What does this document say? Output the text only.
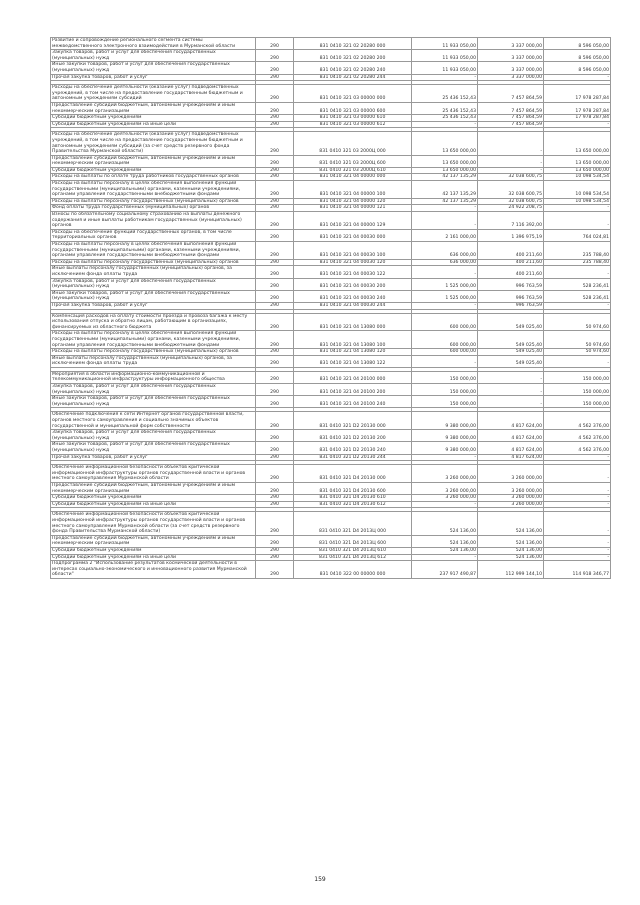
Развитие и сопровождение регионального сегмента системы межведомственного электронного взаимодействия в Мурманской области	290	831 0410 321 02 20280 000	11 933 050,00	3 337 000,00	8 596 050,00
Закупка товаров, работ и услуг для обеспечения государственных (муниципальных) нужд	290	831 0410 321 02 20280 200	11 933 050,00	3 337 000,00	8 596 050,00
Иные закупки товаров, работ и услуг для обеспечения государственных (муниципальных) нужд	290	831 0410 321 02 20280 240	11 933 050,00	3 337 000,00	8 596 050,00
Прочая закупка товаров, работ и услуг	290	831 0410 321 02 20280 244	-	3 337 000,00	-

Расходы на обеспечение деятельности (оказание услуг) подведомственных учреждений, в том числе на предоставление государственным бюджетным и автономным учреждениям субсидий	290	831 0410 321 03 00000 000	25 436 152,43	7 457 864,59	17 978 287,84
Предоставление субсидий бюджетным, автономным учреждениям и иным некоммерческим организациям	290	831 0410 321 03 00000 600	25 436 152,43	7 457 864,59	17 978 287,84
Субсидии бюджетным учреждениям	290	831 0410 321 03 00000 610	25 436 152,43	7 457 864,59	17 978 287,84
Субсидии бюджетным учреждениям на иные цели	290	831 0410 321 03 00000 612	-	7 457 864,59	-

Расходы на обеспечение деятельности (оказание услуг) подведомственных учреждений, в том числе на предоставление государственным бюджетным и автономным учреждениям субсидий (за счет средств резервного фонда Правительства Мурманской области)	290	831 0410 321 03 2000Ц 000	13 650 000,00	-	13 650 000,00
Предоставление субсидий бюджетным, автономным учреждениям и иным некоммерческим организациям	290	831 0410 321 03 2000Ц 600	13 650 000,00	-	13 650 000,00
Субсидии бюджетным учреждениям	290	831 0410 321 03 2000Ц 610	13 650 000,00	-	13 650 000,00
Расходы на выплаты по оплате труда работников государственных органов	290	831 0410 321 04 00000 000	42 137 135,29	32 038 600,75	10 098 534,54
Расходы на выплаты персоналу в целях обеспечения выполнения функций государственными (муниципальными) органами, казенными учреждениями, органами управления государственными внебюджетными фондами	290	831 0410 321 04 00000 100	42 137 135,29	32 038 600,75	10 098 534,54
Расходы на выплаты персоналу государственных (муниципальных) органов	290	831 0410 321 04 00000 120	42 137 135,29	32 038 600,75	10 098 534,54
Фонд оплаты труда государственных (муниципальных) органов	290	831 0410 321 04 00000 121	-	24 922 208,75	-
Взносы по обязательному социальному страхованию на выплаты денежного содержания и иные выплаты работникам государственных (муниципальных) органов	290	831 0410 321 04 00000 129	-	7 116 392,00	-
Расходы на обеспечение функций государственных органов, в том числе территориальных органов	290	831 0410 321 04 00030 000	2 161 000,00	1 396 975,19	764 024,81
Расходы на выплаты персоналу в целях обеспечения выполнения функций государственными (муниципальными) органами, казенными учреждениями, органами управления государственными внебюджетными фондами	290	831 0410 321 04 00030 100	636 000,00	400 211,60	235 788,40
Расходы на выплаты персоналу государственных (муниципальных) органов	290	831 0410 321 04 00030 120	636 000,00	400 211,60	235 788,40
Иные выплаты персоналу государственных (муниципальных) органов, за исключением фонда оплаты труда	290	831 0410 321 04 00030 122	-	400 211,60	-
Закупка товаров, работ и услуг для обеспечения государственных (муниципальных) нужд	290	831 0410 321 04 00030 200	1 525 000,00	996 763,59	528 236,41
Иные закупки товаров, работ и услуг для обеспечения государственных (муниципальных) нужд	290	831 0410 321 04 00030 240	1 525 000,00	996 763,59	528 236,41
Прочая закупка товаров, работ и услуг	290	831 0410 321 04 00030 244	-	996 763,59	-

Компенсация расходов на оплату стоимости проезда и провоза багажа к месту использования отпуска и обратно лицам, работающим в организациях, финансируемых из областного бюджета	290	831 0410 321 04 13080 000	600 000,00	549 025,40	50 974,60
Расходы на выплаты персоналу в целях обеспечения выполнения функций государственными (муниципальными) органами, казенными учреждениями, органами управления государственными внебюджетными фондами	290	831 0410 321 04 13080 100	600 000,00	549 025,40	50 974,60
Расходы на выплаты персоналу государственных (муниципальных) органов	290	831 0410 321 04 13080 120	600 000,00	549 025,40	50 974,60
Иные выплаты персоналу государственных (муниципальных) органов, за исключением фонда оплаты труда	290	831 0410 321 04 13080 122	-	549 025,40	-

Мероприятия в области информационно-коммуникационной и телекоммуникационной инфраструктуры информационного общества	290	831 0410 321 04 20100 000	150 000,00	-	150 000,00
Закупка товаров, работ и услуг для обеспечения государственных (муниципальных) нужд	290	831 0410 321 04 20100 200	150 000,00	-	150 000,00
Иные закупки товаров, работ и услуг для обеспечения государственных (муниципальных) нужд	290	831 0410 321 04 20100 240	150 000,00	-	150 000,00

Обеспечение подключения к сети Интернет органов государственной власти, органов местного самоуправления и социально значимых объектов государственной и муниципальной форм собственности	290	831 0410 321 D2 20130 000	9 380 000,00	4 817 624,00	4 562 376,00
Закупка товаров, работ и услуг для обеспечения государственных (муниципальных) нужд	290	831 0410 321 D2 20130 200	9 380 000,00	4 817 624,00	4 562 376,00
Иные закупки товаров, работ и услуг для обеспечения государственных (муниципальных) нужд	290	831 0410 321 D2 20130 240	9 380 000,00	4 817 624,00	4 562 376,00
Прочая закупка товаров, работ и услуг	290	831 0410 321 D2 20130 244	-	4 817 624,00	-

Обеспечение информационной безопасности объектов критической информационной инфраструктуры органов государственной власти и органов местного самоуправления Мурманской области	290	831 0410 321 D4 20130 000	3 260 000,00	3 260 000,00	-
Предоставление субсидий бюджетным, автономным учреждениям и иным некоммерческим организациям	290	831 0410 321 D4 20130 600	3 260 000,00	3 260 000,00	-
Субсидии бюджетным учреждениям	290	831 0410 321 D4 20130 610	3 260 000,00	3 260 000,00	-
Субсидии бюджетным учреждениям на иные цели	290	831 0410 321 D4 20130 612	-	3 260 000,00	-

Обеспечение информационной безопасности объектов критической информационной инфраструктуры органов государственной власти и органов местного самоуправления Мурманской области (за счет средств резервного фонда Правительства Мурманской области)	290	831 0410 321 D4 2013Ц 000	524 136,00	524 136,00	-
Предоставление субсидий бюджетным, автономным учреждениям и иным некоммерческим организациям	290	831 0410 321 D4 2013Ц 600	524 136,00	524 136,00	-
Субсидии бюджетным учреждениям	290	831 0410 321 D4 2013Ц 610	524 136,00	524 136,00	-
Субсидии бюджетным учреждениям на иные цели	290	831 0410 321 D4 2013Ц 612	-	524 136,00	-
Подпрограмма 2 "Использование результатов космической деятельности в интересах социально-экономического и инновационного развития Мурманской области"	290	831 0410 322 00 00000 000	237 917 490,87	112 999 144,10	114 918 346,77
159
